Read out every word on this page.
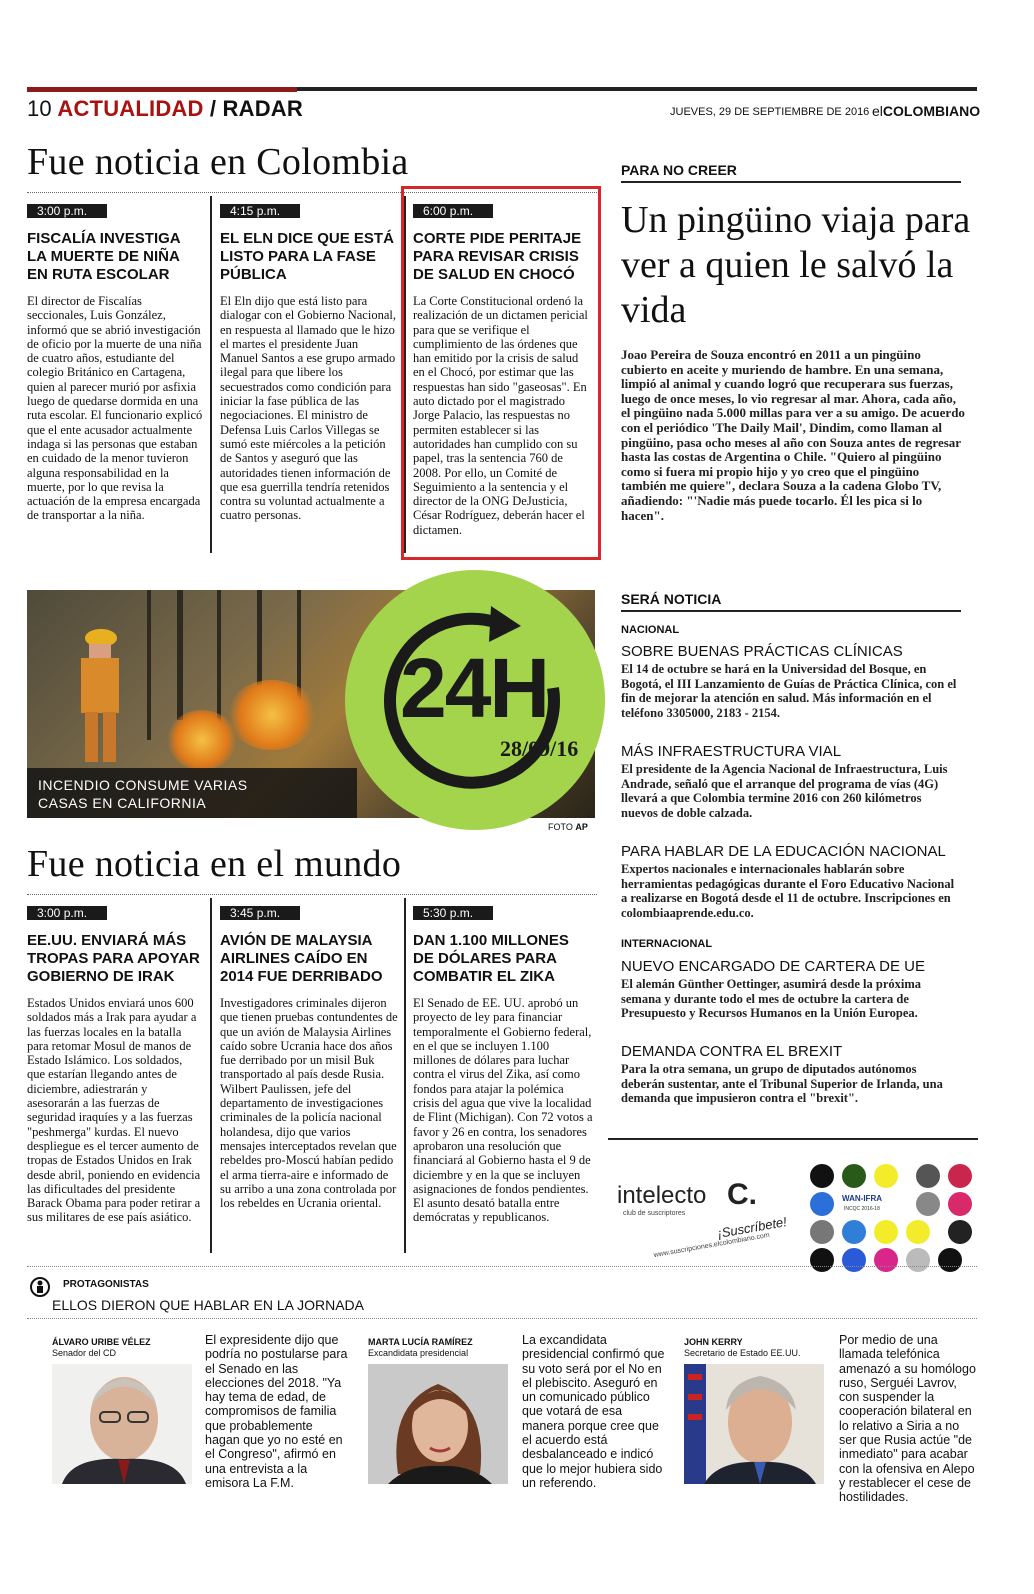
10 ACTUALIDAD / RADAR	JUEVES, 29 DE SEPTIEMBRE DE 2016 elCOLOMBIANO
Fue noticia en Colombia
3:00 p.m.
FISCALÍA INVESTIGA LA MUERTE DE NIÑA EN RUTA ESCOLAR
El director de Fiscalías seccionales, Luis González, informó que se abrió investigación de oficio por la muerte de una niña de cuatro años, estudiante del colegio Británico en Cartagena, quien al parecer murió por asfixia luego de quedarse dormida en una ruta escolar. El funcionario explicó que el ente acusador actualmente indaga si las personas que estaban en cuidado de la menor tuvieron alguna responsabilidad en la muerte, por lo que revisa la actuación de la empresa encargada de transportar a la niña.
4:15 p.m.
EL ELN DICE QUE ESTÁ LISTO PARA LA FASE PÚBLICA
El Eln dijo que está listo para dialogar con el Gobierno Nacional, en respuesta al llamado que le hizo el martes el presidente Juan Manuel Santos a ese grupo armado ilegal para que libere los secuestrados como condición para iniciar la fase pública de las negociaciones. El ministro de Defensa Luis Carlos Villegas se sumó este miércoles a la petición de Santos y aseguró que las autoridades tienen información de que esa guerrilla tendría retenidos contra su voluntad actualmente a cuatro personas.
6:00 p.m.
CORTE PIDE PERITAJE PARA REVISAR CRISIS DE SALUD EN CHOCÓ
La Corte Constitucional ordenó la realización de un dictamen pericial para que se verifique el cumplimiento de las órdenes que han emitido por la crisis de salud en el Chocó, por estimar que las respuestas han sido "gaseosas". En auto dictado por el magistrado Jorge Palacio, las respuestas no permiten establecer si las autoridades han cumplido con su papel, tras la sentencia 760 de 2008. Por ello, un Comité de Seguimiento a la sentencia y el director de la ONG DeJusticia, César Rodríguez, deberán hacer el dictamen.
PARA NO CREER
Un pingüino viaja para ver a quien le salvó la vida
Joao Pereira de Souza encontró en 2011 a un pingüino cubierto en aceite y muriendo de hambre. En una semana, limpió al animal y cuando logró que recuperara sus fuerzas, luego de once meses, lo vio regresar al mar. Ahora, cada año, el pingüino nada 5.000 millas para ver a su amigo. De acuerdo con el periódico 'The Daily Mail', Dindim, como llaman al pingüino, pasa ocho meses al año con Souza antes de regresar hasta las costas de Argentina o Chile. "Quiero al pingüino como si fuera mi propio hijo y yo creo que el pingüino también me quiere", declara Souza a la cadena Globo TV, añadiendo: "'Nadie más puede tocarlo. Él les pica si lo hacen".
24H
28/09/16
INCENDIO CONSUME VARIAS
CASAS EN CALIFORNIA
FOTO AP
SERÁ NOTICIA
NACIONAL
SOBRE BUENAS PRÁCTICAS CLÍNICAS
El 14 de octubre se hará en la Universidad del Bosque, en Bogotá, el III Lanzamiento de Guías de Práctica Clínica, con el fin de mejorar la atención en salud. Más información en el teléfono 3305000, 2183 - 2154.
MÁS INFRAESTRUCTURA VIAL
El presidente de la Agencia Nacional de Infraestructura, Luis Andrade, señaló que el arranque del programa de vías (4G) llevará a que Colombia termine 2016 con 260 kilómetros nuevos de doble calzada.
PARA HABLAR DE LA EDUCACIÓN NACIONAL
Expertos nacionales e internacionales hablarán sobre herramientas pedagógicas durante el Foro Educativo Nacional a realizarse en Bogotá desde el 11 de octubre. Inscripciones en colombiaaprende.edu.co.
INTERNACIONAL
NUEVO ENCARGADO DE CARTERA DE UE
El alemán Günther Oettinger, asumirá desde la próxima semana y durante todo el mes de octubre la cartera de Presupuesto y Recursos Humanos en la Unión Europea.
DEMANDA CONTRA EL BREXIT
Para la otra semana, un grupo de diputados autónomos deberán sustentar, ante el Tribunal Superior de Irlanda, una demanda que impusieron contra el "brexit".
intelecto C.
club de suscriptores
¡Suscríbete!
www.suscripciones.elcolombiano.com
WAN-IFRA
INCQC 2016-18
Fue noticia en el mundo
3:00 p.m.
EE.UU. ENVIARÁ MÁS TROPAS PARA APOYAR GOBIERNO DE IRAK
Estados Unidos enviará unos 600 soldados más a Irak para ayudar a las fuerzas locales en la batalla para retomar Mosul de manos de Estado Islámico. Los soldados, que estarían llegando antes de diciembre, adiestrarán y asesorarán a las fuerzas de seguridad iraquíes y a las fuerzas "peshmerga" kurdas. El nuevo despliegue es el tercer aumento de tropas de Estados Unidos en Irak desde abril, poniendo en evidencia las dificultades del presidente Barack Obama para poder retirar a sus militares de ese país asiático.
3:45 p.m.
AVIÓN DE MALAYSIA AIRLINES CAÍDO EN 2014 FUE DERRIBADO
Investigadores criminales dijeron que tienen pruebas contundentes de que un avión de Malaysia Airlines caído sobre Ucrania hace dos años fue derribado por un misil Buk transportado al país desde Rusia. Wilbert Paulissen, jefe del departamento de investigaciones criminales de la policía nacional holandesa, dijo que varios mensajes interceptados revelan que rebeldes pro-Moscú habían pedido el arma tierra-aire e informado de su arribo a una zona controlada por los rebeldes en Ucrania oriental.
5:30 p.m.
DAN 1.100 MILLONES DE DÓLARES PARA COMBATIR EL ZIKA
El Senado de EE. UU. aprobó un proyecto de ley para financiar temporalmente el Gobierno federal, en el que se incluyen 1.100 millones de dólares para luchar contra el virus del Zika, así como fondos para atajar la polémica crisis del agua que vive la localidad de Flint (Michigan). Con 72 votos a favor y 26 en contra, los senadores aprobaron una resolución que financiará al Gobierno hasta el 9 de diciembre y en la que se incluyen asignaciones de fondos pendientes. El asunto desató batalla entre demócratas y republicanos.
PROTAGONISTAS
ELLOS DIERON QUE HABLAR EN LA JORNADA
ÁLVARO URIBE VÉLEZ
Senador del CD
El expresidente dijo que podría no postularse para el Senado en las elecciones del 2018. "Ya hay tema de edad, de compromisos de familia que probablemente hagan que yo no esté en el Congreso", afirmó en una entrevista a la emisora La F.M.
MARTA LUCÍA RAMÍREZ
Excandidata presidencial
La excandidata presidencial confirmó que su voto será por el No en el plebiscito. Aseguró en un comunicado público que votará de esa manera porque cree que el acuerdo está desbalanceado e indicó que lo mejor hubiera sido un referendo.
JOHN KERRY
Secretario de Estado EE.UU.
Por medio de una llamada telefónica amenazó a su homólogo ruso, Serguéi Lavrov, con suspender la cooperación bilateral en lo relativo a Siria a no ser que Rusia actúe "de inmediato" para acabar con la ofensiva en Alepo y restablecer el cese de hostilidades.
